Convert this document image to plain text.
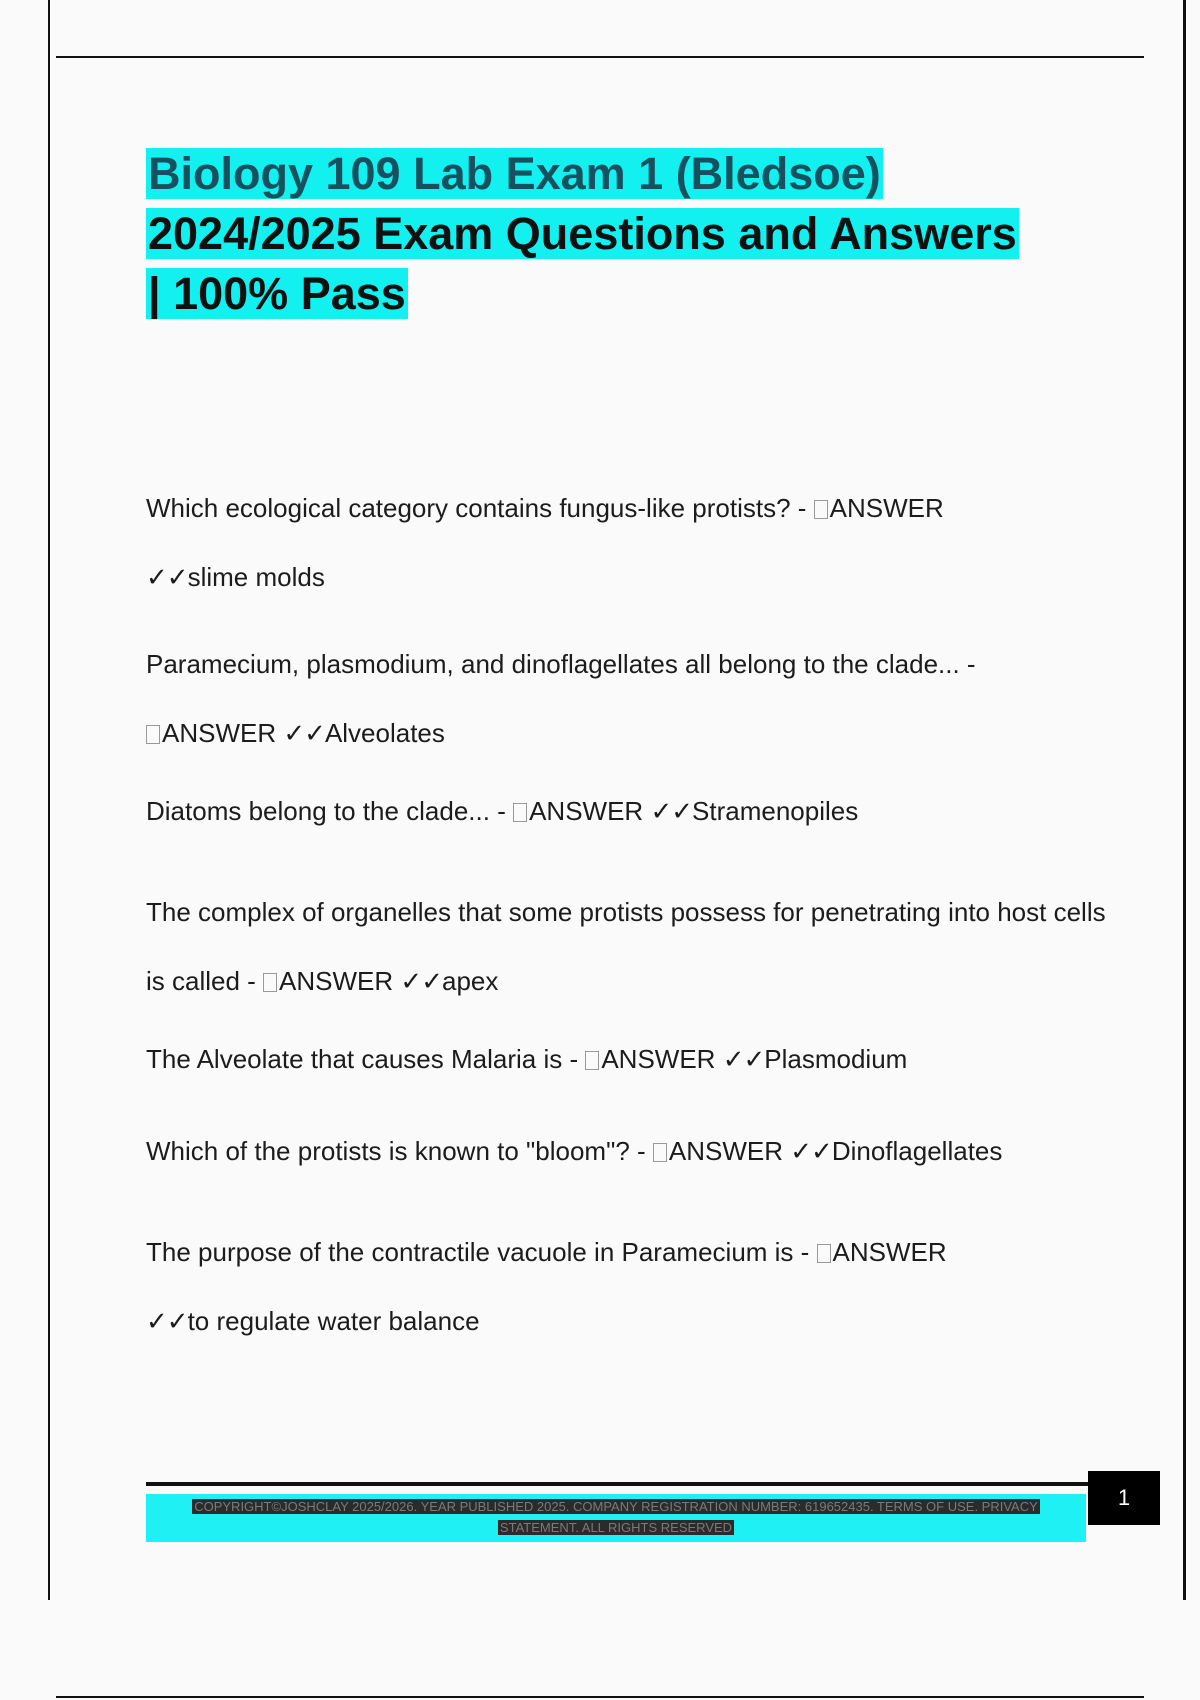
Biology 109 Lab Exam 1 (Bledsoe)
2024/2025 Exam Questions and Answers
| 100% Pass

Which ecological category contains fungus-like protists? - ANSWER
✓✓slime molds

Paramecium, plasmodium, and dinoflagellates all belong to the clade... -
ANSWER ✓✓Alveolates

Diatoms belong to the clade... - ANSWER ✓✓Stramenopiles

The complex of organelles that some protists possess for penetrating into host cells is called - ANSWER ✓✓apex

The Alveolate that causes Malaria is - ANSWER ✓✓Plasmodium

Which of the protists is known to "bloom"? - ANSWER ✓✓Dinoflagellates

The purpose of the contractile vacuole in Paramecium is - ANSWER
✓✓to regulate water balance

COPYRIGHT©JOSHCLAY 2025/2026. YEAR PUBLISHED 2025. COMPANY REGISTRATION NUMBER: 619652435. TERMS OF USE. PRIVACY
STATEMENT. ALL RIGHTS RESERVED
1
